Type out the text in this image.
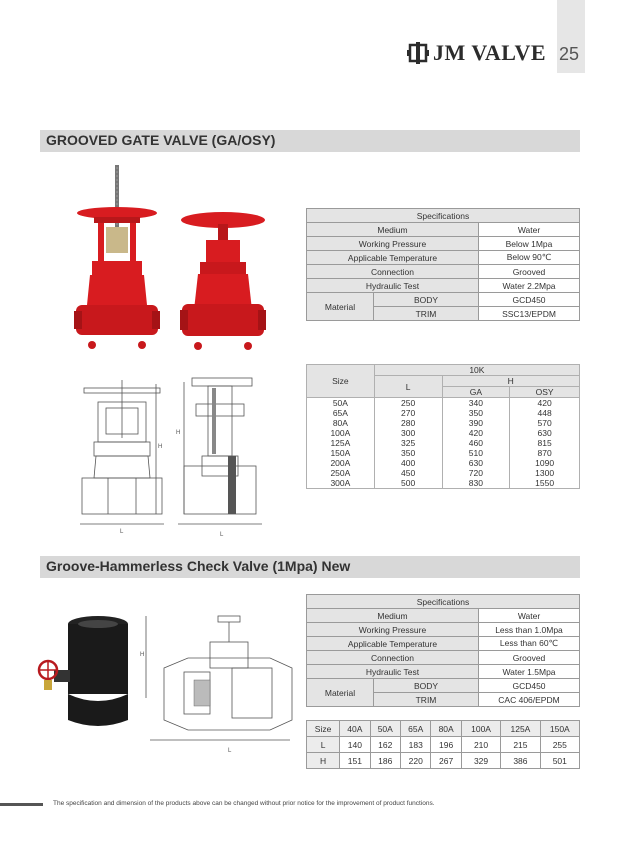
25
JM VALVE
GROOVED GATE VALVE (GA/OSY)
Specifications		
Medium		Water
Working Pressure		Below 1Mpa
Applicable Temperature		Below 90℃
Connection		Grooved
Hydraulic Test		Water 2.2Mpa
Material	BODY	GCD450
	TRIM	SSC13/EPDM
H
L
H
L
Size	10K		
	L	H	
		GA	OSY
50A	250	340	420
65A	270	350	448
80A	280	390	570
100A	300	420	630
125A	325	460	815
150A	350	510	870
200A	400	630	1090
250A	450	720	1300
300A	500	830	1550
Groove-Hammerless Check Valve (1Mpa) New
H
L
Specifications		
Medium		Water
Working Pressure		Less than 1.0Mpa
Applicable Temperature		Less than 60℃
Connection		Grooved
Hydraulic Test		Water 1.5Mpa
Material	BODY	GCD450
	TRIM	CAC 406/EPDM
Size	40A	50A	65A	80A	100A	125A	150A
L	140	162	183	196	210	215	255
H	151	186	220	267	329	386	501
The specification and dimension of the products above can be changed without prior notice for the improvement of product functions.
